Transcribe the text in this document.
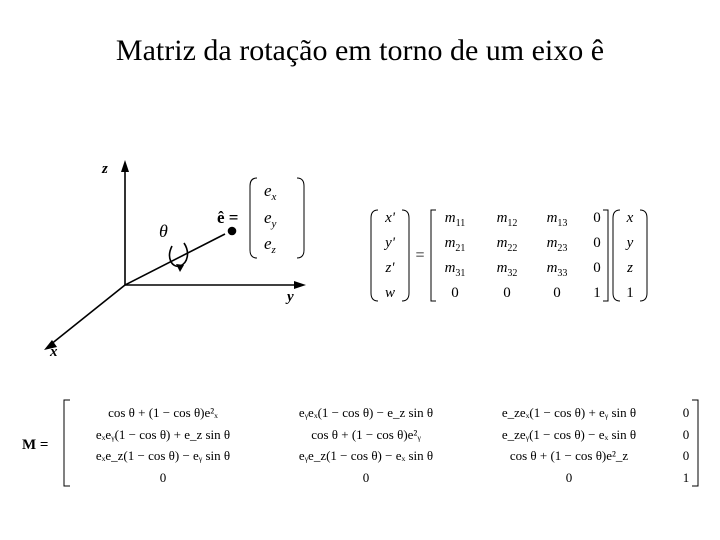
Matriz da rotação em torno de um eixo ê
z
y
x
θ
ê =
$e_x$
$e_y$
$e_z$
x'
y'
z'
w
=
$m_{11}$ $m_{12}$ $m_{13}$ 0
$m_{21}$ $m_{22}$ $m_{23}$ 0
$m_{31}$ $m_{32}$ $m_{33}$ 0
0	0	0 1
x
y
z
1
M =
cos θ + (1 − cos θ)e²ₓ	eᵧeₓ(1 − cos θ) − e_z sin θ	e_zeₓ(1 − cos θ) + eᵧ sin θ	0
eₓeᵧ(1 − cos θ) + e_z sin θ	cos θ + (1 − cos θ)e²ᵧ	e_zeᵧ(1 − cos θ) − eₓ sin θ	0
eₓe_z(1 − cos θ) − eᵧ sin θ	eᵧe_z(1 − cos θ) − eₓ sin θ	cos θ + (1 − cos θ)e²_z	0
0	0	0	1
